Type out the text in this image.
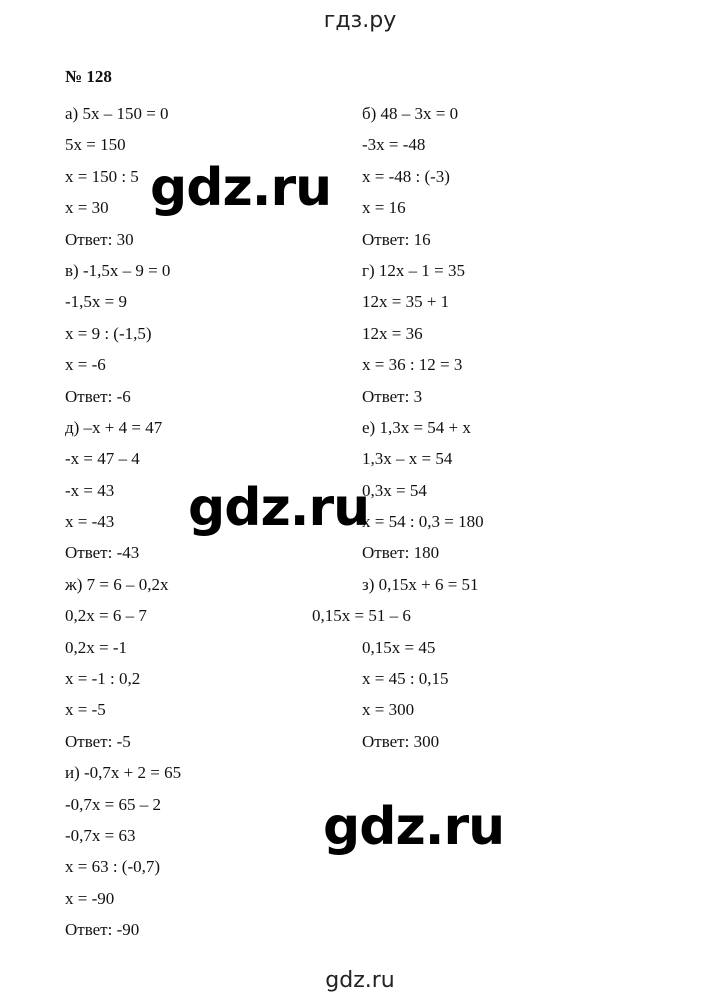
гдз.ру
№ 128
а) 5x – 150 = 0
5x = 150
x = 150 : 5
x = 30
Ответ: 30
в) -1,5x – 9 = 0
-1,5x = 9
x = 9 : (-1,5)
x = -6
Ответ: -6
д) –x + 4 = 47
-x = 47 – 4
-x = 43
x = -43
Ответ: -43
ж) 7 = 6 – 0,2x
0,2x = 6 – 7
0,2x = -1
x = -1 : 0,2
x = -5
Ответ: -5
и) -0,7x + 2 = 65
-0,7x = 65 – 2
-0,7x = 63
x = 63 : (-0,7)
x = -90
Ответ: -90
б) 48 – 3x = 0
-3x = -48
x = -48 : (-3)
x = 16
Ответ: 16
г) 12x – 1 = 35
12x = 35 + 1
12x = 36
x = 36 : 12 = 3
Ответ: 3
е) 1,3x = 54 + x
1,3x – x = 54
0,3x = 54
x = 54 : 0,3 = 180
Ответ: 180
з) 0,15x + 6 = 51
0,15x = 51 – 6
0,15x = 45
x = 45 : 0,15
x = 300
Ответ: 300
gdz.ru
gdz.ru
gdz.ru
gdz.ru
